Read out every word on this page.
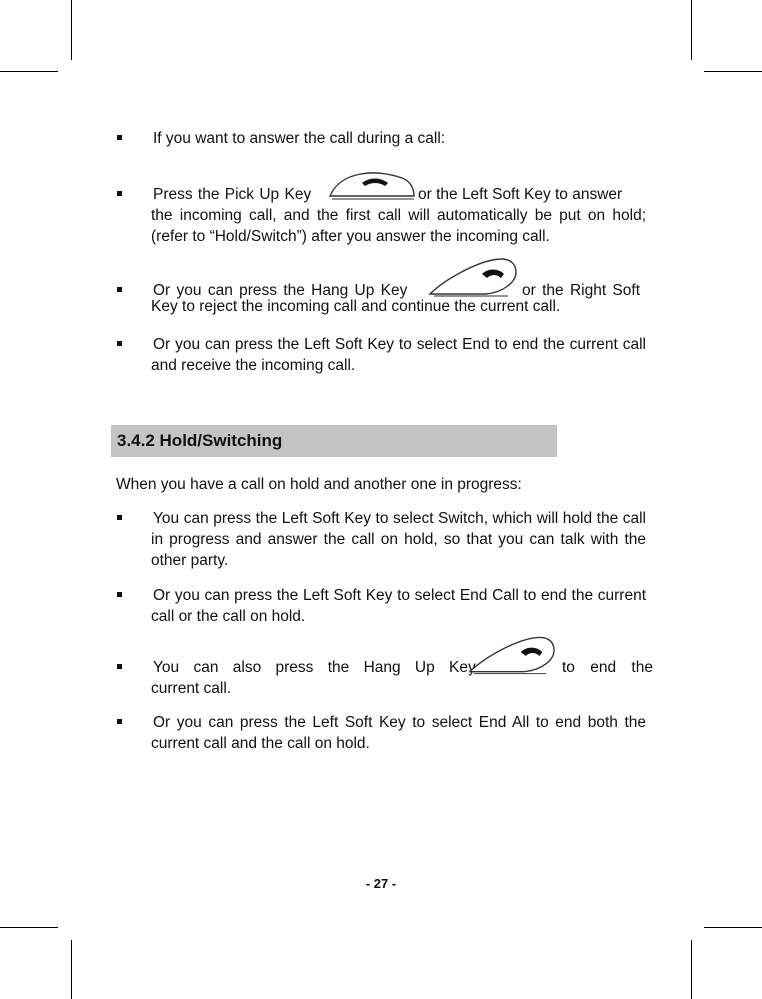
If you want to answer the call during a call:
Press the Pick Up Key	or the Left Soft Key to answer
the incoming call, and the first call will automatically be put on hold; (refer to “Hold/Switch”) after you answer the incoming call.
Or you can press the Hang Up Key	or the Right Soft
Key to reject the incoming call and continue the current call.
Or you can press the Left Soft Key to select End to end the current call and receive the incoming call.
3.4.2 Hold/Switching
When you have a call on hold and another one in progress:
You can press the Left Soft Key to select Switch, which will hold the call in progress and answer the call on hold, so that you can talk with the other party.
Or you can press the Left Soft Key to select End Call to end the current call or the call on hold.
You can also press the Hang Up Key	to end the
current call.
Or you can press the Left Soft Key to select End All to end both the current call and the call on hold.
- 27 -
